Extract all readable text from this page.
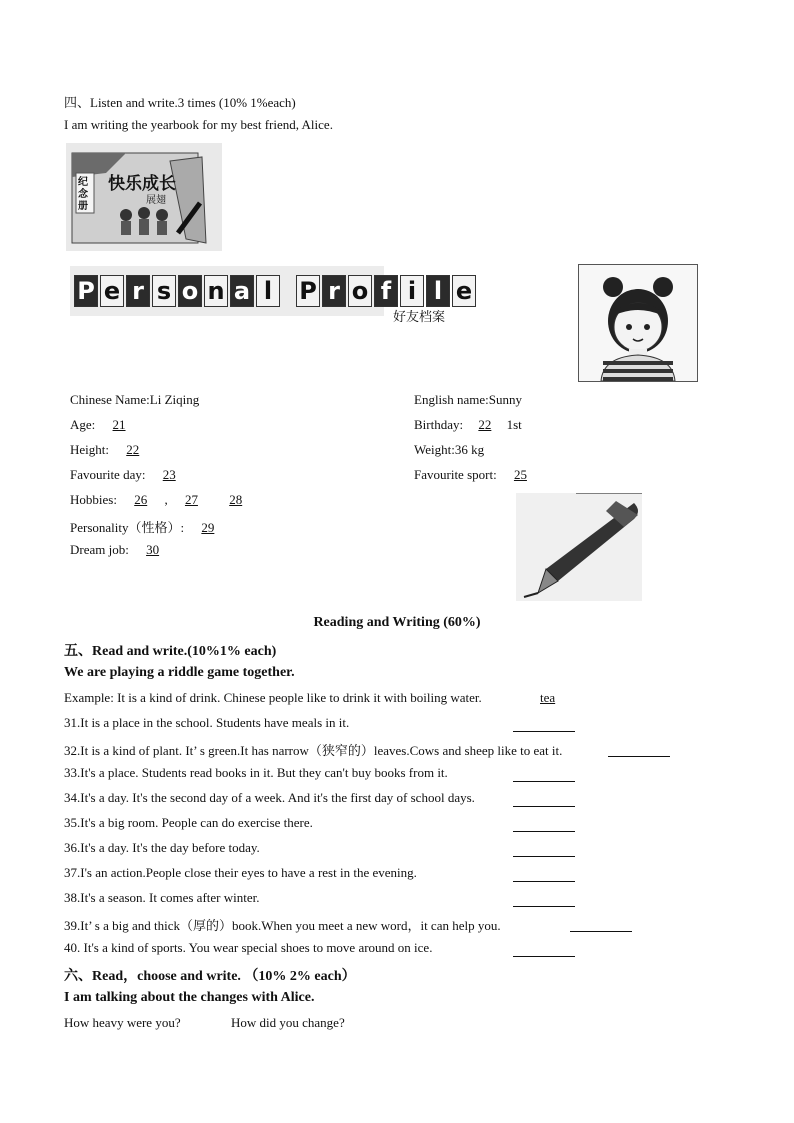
四、Listen and write.3 times (10% 1%each)
I am writing the yearbook for my best friend, Alice.
快乐成长
纪念册
展翅
P e r s o n a l P r o f i l e
好友档案
Chinese Name:Li Ziqing	English name:Sunny
Age: 21	Birthday: 22 1st
Height: 22	Weight:36 kg
Favourite day: 23	Favourite sport: 25
Hobbies: 26 , 27 28
Personality（性格）: 29
Dream job: 30
Reading and Writing (60%)
五、Read and write.(10%1% each)
We are playing a riddle game together.
Example: It is a kind of drink. Chinese people like to drink it with boiling water.	tea
31.It is a place in the school. Students have meals in it.
32.It is a kind of plant. It’ s green.It has narrow（狭窄的）leaves.Cows and sheep like to eat it.
33.It's a place. Students read books in it. But they can't buy books from it.
34.It's a day. It's the second day of a week. And it's the first day of school days.
35.It's a big room. People can do exercise there.
36.It's a day. It's the day before today.
37.I's an action.People close their eyes to have a rest in the evening.
38.It's a season. It comes after winter.
39.It’ s a big and thick（厚的）book.When you meet a new word，it can help you.
40. It's a kind of sports. You wear special shoes to move around on ice.
六、Read，choose and write. （10% 2% each）
I am talking about the changes with Alice.
How heavy were you?	How did you change?
